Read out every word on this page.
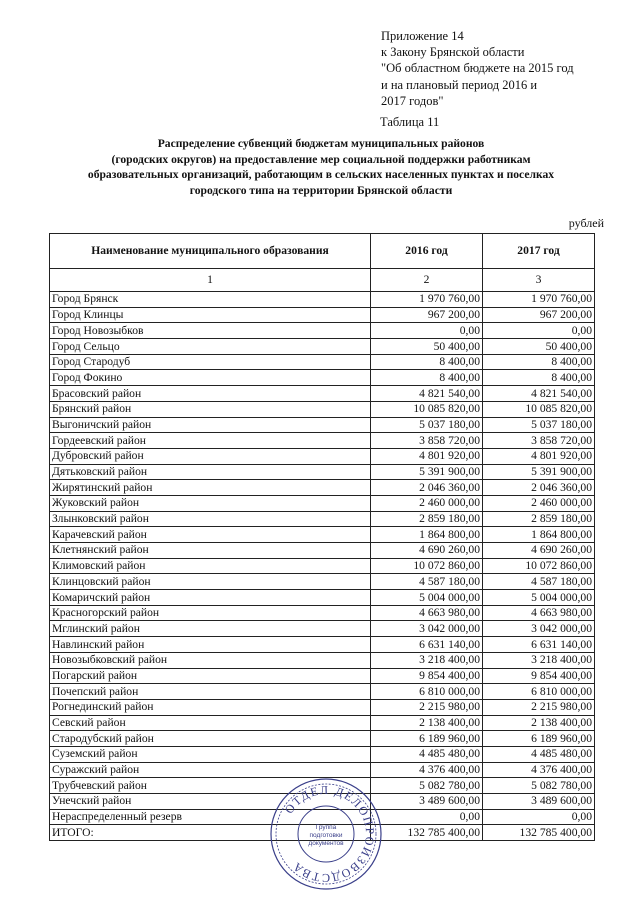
Приложение 14
к Закону Брянской области
"Об областном бюджете на 2015 год
и на плановый период 2016 и
2017 годов"
Таблица 11
Распределение субвенций бюджетам муниципальных районов
(городских округов) на предоставление мер социальной поддержки работникам
образовательных организаций, работающим в сельских населенных пунктах и поселках
городского типа на территории Брянской области
рублей
Наименование муниципального образования	2016 год	2017 год
1	2	3
Город Брянск	1 970 760,00	1 970 760,00
Город Клинцы	967 200,00	967 200,00
Город Новозыбков	0,00	0,00
Город Сельцо	50 400,00	50 400,00
Город Стародуб	8 400,00	8 400,00
Город Фокино	8 400,00	8 400,00
Брасовский район	4 821 540,00	4 821 540,00
Брянский район	10 085 820,00	10 085 820,00
Выгоничский район	5 037 180,00	5 037 180,00
Гордеевский район	3 858 720,00	3 858 720,00
Дубровский район	4 801 920,00	4 801 920,00
Дятьковский район	5 391 900,00	5 391 900,00
Жирятинский район	2 046 360,00	2 046 360,00
Жуковский район	2 460 000,00	2 460 000,00
Злынковский район	2 859 180,00	2 859 180,00
Карачевский район	1 864 800,00	1 864 800,00
Клетнянский район	4 690 260,00	4 690 260,00
Климовский район	10 072 860,00	10 072 860,00
Клинцовский район	4 587 180,00	4 587 180,00
Комаричский район	5 004 000,00	5 004 000,00
Красногорский район	4 663 980,00	4 663 980,00
Мглинский район	3 042 000,00	3 042 000,00
Навлинский район	6 631 140,00	6 631 140,00
Новозыбковский район	3 218 400,00	3 218 400,00
Погарский район	9 854 400,00	9 854 400,00
Почепский район	6 810 000,00	6 810 000,00
Рогнединский район	2 215 980,00	2 215 980,00
Севский район	2 138 400,00	2 138 400,00
Стародубский район	6 189 960,00	6 189 960,00
Суземский район	4 485 480,00	4 485 480,00
Суражский район	4 376 400,00	4 376 400,00
Трубчевский район	5 082 780,00	5 082 780,00
Унечский район	3 489 600,00	3 489 600,00
Нераспределенный резерв	0,00	0,00
ИТОГО:	132 785 400,00	132 785 400,00
ОТДЕЛ ДЕЛОПРОИЗВОДСТВА
Группа
подготовки
документов
